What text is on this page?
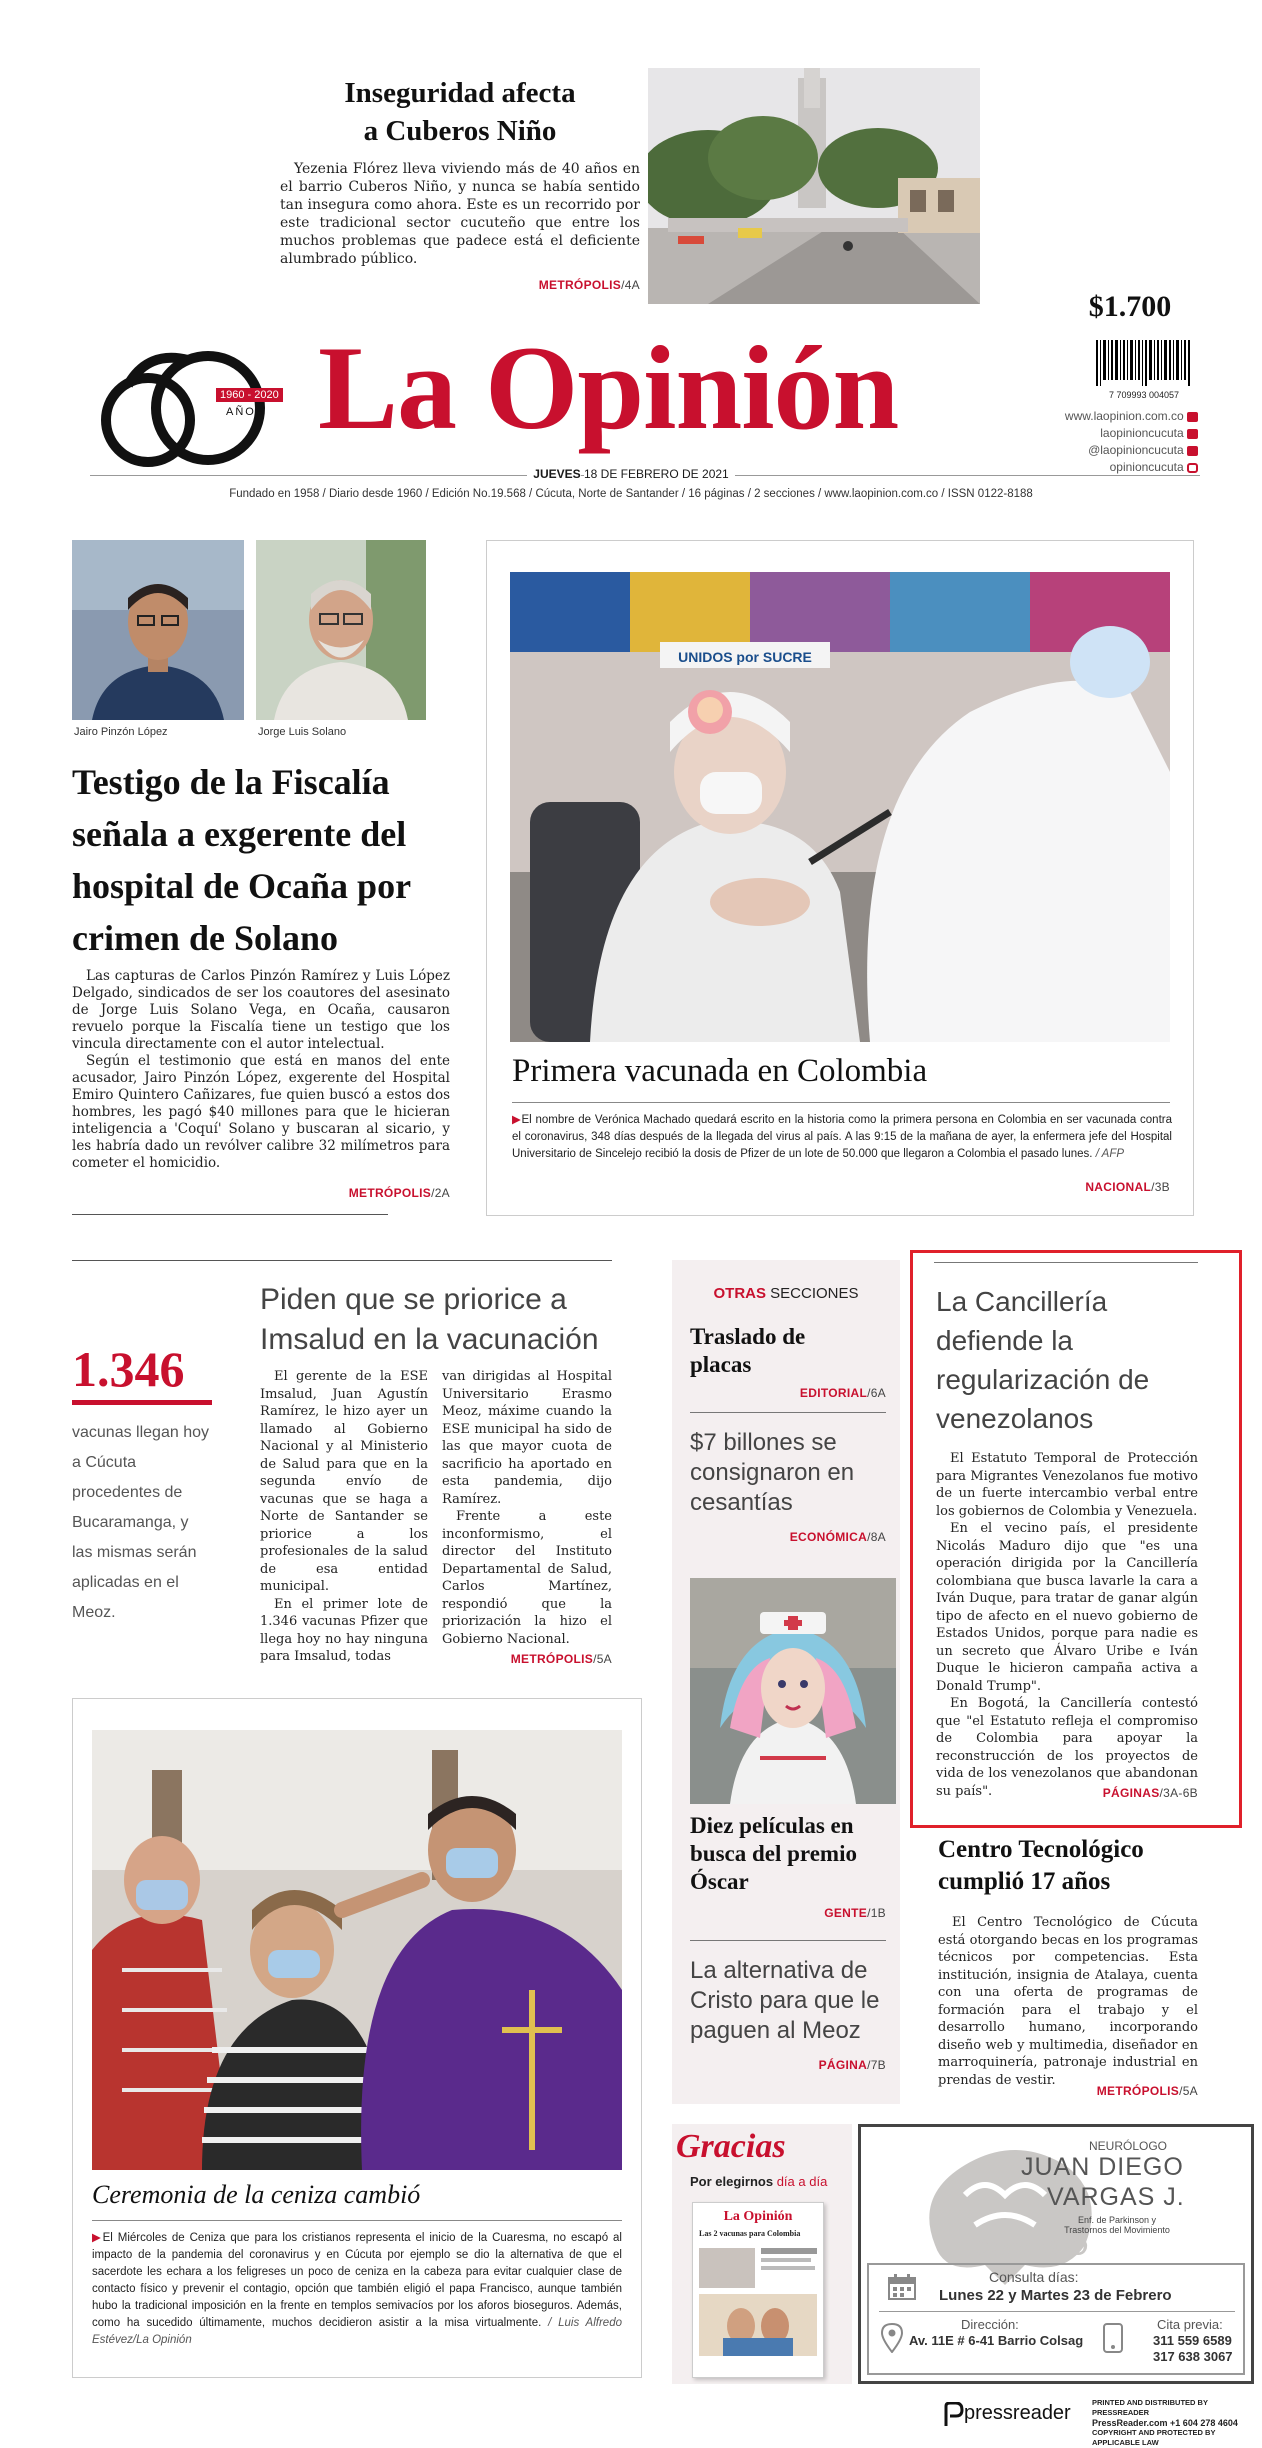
Inseguridad afecta
a Cuberos Niño
Yezenia Flórez lleva viviendo más de 40 años en el barrio Cuberos Niño, y nunca se había sentido tan insegura como ahora. Este es un recorrido por este tradicional sector cucuteño que entre los muchos problemas que padece está el deficiente alumbrado público.
METRÓPOLIS/4A
$1.700
7 709993 004057
www.laopinion.com.co
laopinioncucuta
@laopinioncucuta
opinioncucuta
1960 - 2020
AÑOS La Opinión
JUEVES 18 DE FEBRERO DE 2021
Fundado en 1958 / Diario desde 1960 / Edición No.19.568 / Cúcuta, Norte de Santander / 16 páginas / 2 secciones / www.laopinion.com.co / ISSN 0122-8188
Jairo Pinzón López	Jorge Luis Solano
Testigo de la Fiscalía señala a exgerente del hospital de Ocaña por crimen de Solano
Las capturas de Carlos Pinzón Ramírez y Luis López Delgado, sindicados de ser los coautores del asesinato de Jorge Luis Solano Vega, en Ocaña, causaron revuelo porque la Fiscalía tiene un testigo que los vincula directamente con el autor intelectual.
Según el testimonio que está en manos del ente acusador, Jairo Pinzón López, exgerente del Hospital Emiro Quintero Cañizares, fue quien buscó a estos dos hombres, les pagó $40 millones para que le hicieran inteligencia a 'Coquí' Solano y buscaran al sicario, y les habría dado un revólver calibre 32 milímetros para cometer el homicidio.
METRÓPOLIS/2A
UNIDOS por SUCRE
Primera vacunada en Colombia
▶El nombre de Verónica Machado quedará escrito en la historia como la primera persona en Colombia en ser vacunada contra el coronavirus, 348 días después de la llegada del virus al país. A las 9:15 de la mañana de ayer, la enfermera jefe del Hospital Universitario de Sincelejo recibió la dosis de Pfizer de un lote de 50.000 que llegaron a Colombia el pasado lunes. / AFP
NACIONAL/3B
1.346
vacunas llegan hoy a Cúcuta procedentes de Bucaramanga, y las mismas serán aplicadas en el Meoz.
Piden que se priorice a Imsalud en la vacunación
El gerente de la ESE Imsalud, Juan Agustín Ramírez, le hizo ayer un llamado al Gobierno Nacional y al Ministerio de Salud para que en la segunda envío de vacunas que se haga a Norte de Santander se priorice a los profesionales de la salud de esa entidad municipal.
En el primer lote de 1.346 vacunas Pfizer que llega hoy no hay ninguna para Imsalud, todas
van dirigidas al Hospital Universitario Erasmo Meoz, máxime cuando la ESE municipal ha sido de las que mayor cuota de sacrificio ha aportado en esta pandemia, dijo Ramírez.
Frente a este inconformismo, el director del Instituto Departamental de Salud, Carlos Martínez, respondió que la priorización la hizo el Gobierno Nacional.
METRÓPOLIS/5A
Ceremonia de la ceniza cambió
▶El Miércoles de Ceniza que para los cristianos representa el inicio de la Cuaresma, no escapó al impacto de la pandemia del coronavirus y en Cúcuta por ejemplo se dio la alternativa de que el sacerdote les echara a los feligreses un poco de ceniza en la cabeza para evitar cualquier clase de contacto físico y prevenir el contagio, opción que también eligió el papa Francisco, aunque también hubo la tradicional imposición en la frente en templos semivacíos por los aforos bioseguros. Además, como ha sucedido últimamente, muchos decidieron asistir a la misa virtualmente. / Luis Alfredo Estévez/La Opinión
OTRAS SECCIONES
Traslado de placas
EDITORIAL/6A
$7 billones se consignaron en cesantías
ECONÓMICA/8A
Diez películas en busca del premio Óscar
GENTE/1B
La alternativa de Cristo para que le paguen al Meoz
PÁGINA/7B
La Cancillería defiende la regularización de venezolanos
El Estatuto Temporal de Protección para Migrantes Venezolanos fue motivo de un fuerte intercambio verbal entre los gobiernos de Colombia y Venezuela.
En el vecino país, el presidente Nicolás Maduro dijo que "es una operación dirigida por la Cancillería colombiana que busca lavarle la cara a Iván Duque, para tratar de ganar algún tipo de afecto en el nuevo gobierno de Estados Unidos, porque para nadie es un secreto que Álvaro Uribe e Iván Duque le hicieron campaña activa a Donald Trump".
En Bogotá, la Cancillería contestó que "el Estatuto refleja el compromiso de Colombia para apoyar la reconstrucción de los proyectos de vida de los venezolanos que abandonan su país".	PÁGINAS/3A-6B
Centro Tecnológico cumplió 17 años
El Centro Tecnológico de Cúcuta está otorgando becas en los programas técnicos por competencias. Esta institución, insignia de Atalaya, cuenta con una oferta de programas de formación para el trabajo y el desarrollo humano, incorporando diseño web y multimedia, diseñador en marroquinería, patronaje industrial en prendas de vestir.
METRÓPOLIS/5A
Gracias
Por elegirnos día a día
La Opinión
Las 2 vacunas para Colombia
NEURÓLOGO
JUAN DIEGO
VARGAS J.
Enf. de Parkinson y Trastornos del Movimiento
CONEURO
Consulta días:
Lunes 22 y Martes 23 de Febrero
Dirección:
Av. 11E # 6-41 Barrio Colsag
Cita previa:
311 559 6589
317 638 3067
pressreader	PRINTED AND DISTRIBUTED BY PRESSREADER
PressReader.com +1 604 278 4604
COPYRIGHT AND PROTECTED BY APPLICABLE LAW
